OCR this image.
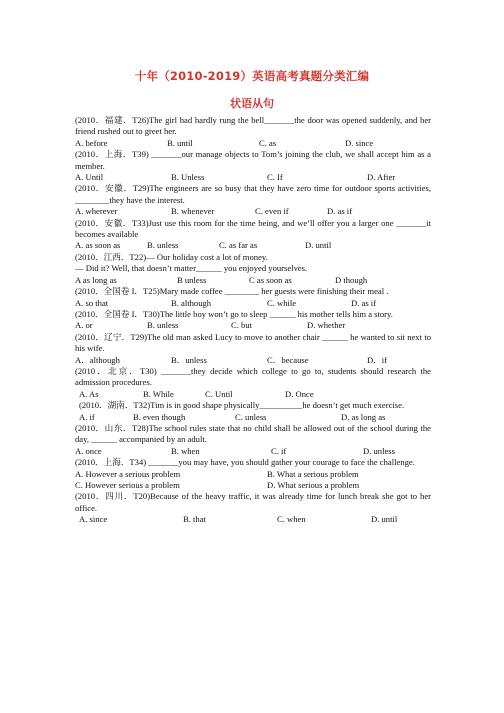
十年（2010-2019）英语高考真题分类汇编
状语从句
(2010．福建．T26)The girl had hardly rung the bell_______the door was opened suddenly, and her friend rushed out to greet her.
A. before	B. until	C. as	D. since
(2010．上海．T39) _______our manage objects to Tom’s joining the club, we shall accept him as a member.
A. Until	B. Unless	C. If	D. After
(2010．安徽．T29)The engineers are so busy that they have zero time for outdoor sports activities, ________they have the interest.
A. wherever	B. whenever	C. even if	D. as if
(2010．安徽．T33)Just use this room for the time being, and we’ll offer you a larger one _______it becomes available
A. as soon as	B. unless	C. as far as	D. until
(2010．江西．T22)— Our holiday cost a lot of money.
— Did it? Well, that doesn’t matter______ you enjoyed yourselves.
A as long as	B unless	C as soon as	D though
(2010．全国卷 I．T25)Mary made coffee ________ her guests were finishing their meal .
A. so that	B. although	C. while	D. as if
(2010．全国卷 I．T30)The little boy won’t go to sleep ______ his mother tells him a story.
A. or	B. unless	C. but	D. whether
(2010．辽宁．T29)The old man asked Lucy to move to another chair ______ he wanted to sit next to his wife.
A．although	B．unless	C．because	D．if
(2010．北京．T30) _______they decide which college to go to, students should research the admission procedures.
A. As	B. While	C. Until	D. Once
(2010．湖南．T32)Tim is in good shape physically__________he doesn’t get much exercise.
A. if	B. even though	C. unless	D. as long as
(2010．山东．T28)The school rules state that no child shall be allowed out of the school during the day, ______ accompanied by an adult.
A. once	B. when	C. if	D. unless
(2010．上海．T34) _______you may have, you should gather your courage to face the challenge.
A. However a serious problem	B. What a serious problem
C. However serious a problem	D. What serious a problem
(2010．四川．T20)Because of the heavy traffic, it was already time for lunch break she got to her office.
A. since	B. that	C. when	D. until
